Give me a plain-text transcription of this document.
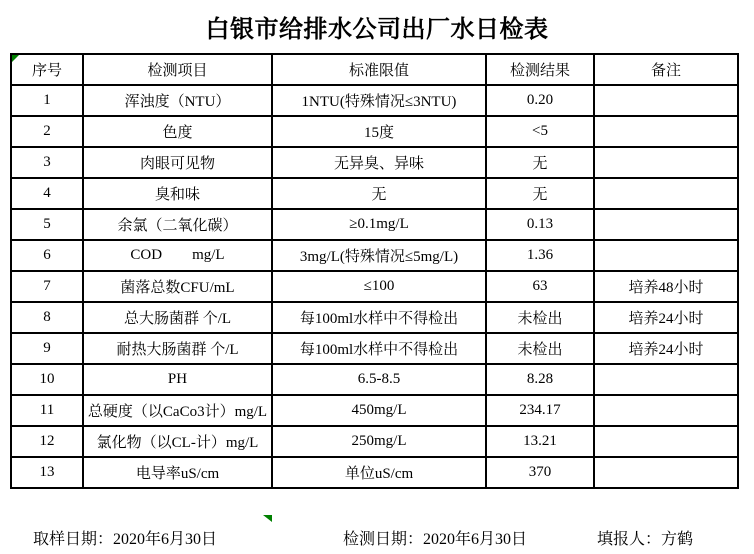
白银市给排水公司出厂水日检表
序号	检测项目	标准限值	检测结果	备注
1	浑浊度（NTU）	1NTU(特殊情况≤3NTU)	0.20	
2	色度	15度	<5	
3	肉眼可见物	无异臭、异味	无	
4	臭和味	无	无	
5	余氯（二氧化碳）	≥0.1mg/L	0.13	
6	COD        mg/L	3mg/L(特殊情况≤5mg/L)	1.36	
7	菌落总数CFU/mL	≤100	63	培养48小时
8	总大肠菌群 个/L	每100ml水样中不得检出	未检出	培养24小时
9	耐热大肠菌群 个/L	每100ml水样中不得检出	未检出	培养24小时
10	PH	6.5-8.5	8.28	
11	总硬度（以CaCo3计）mg/L	450mg/L	234.17	
12	氯化物（以CL-计）mg/L	250mg/L	13.21	
13	电导率uS/cm	单位uS/cm	370	
取样日期：2020年6月30日	检测日期：2020年6月30日	填报人：方鹤
